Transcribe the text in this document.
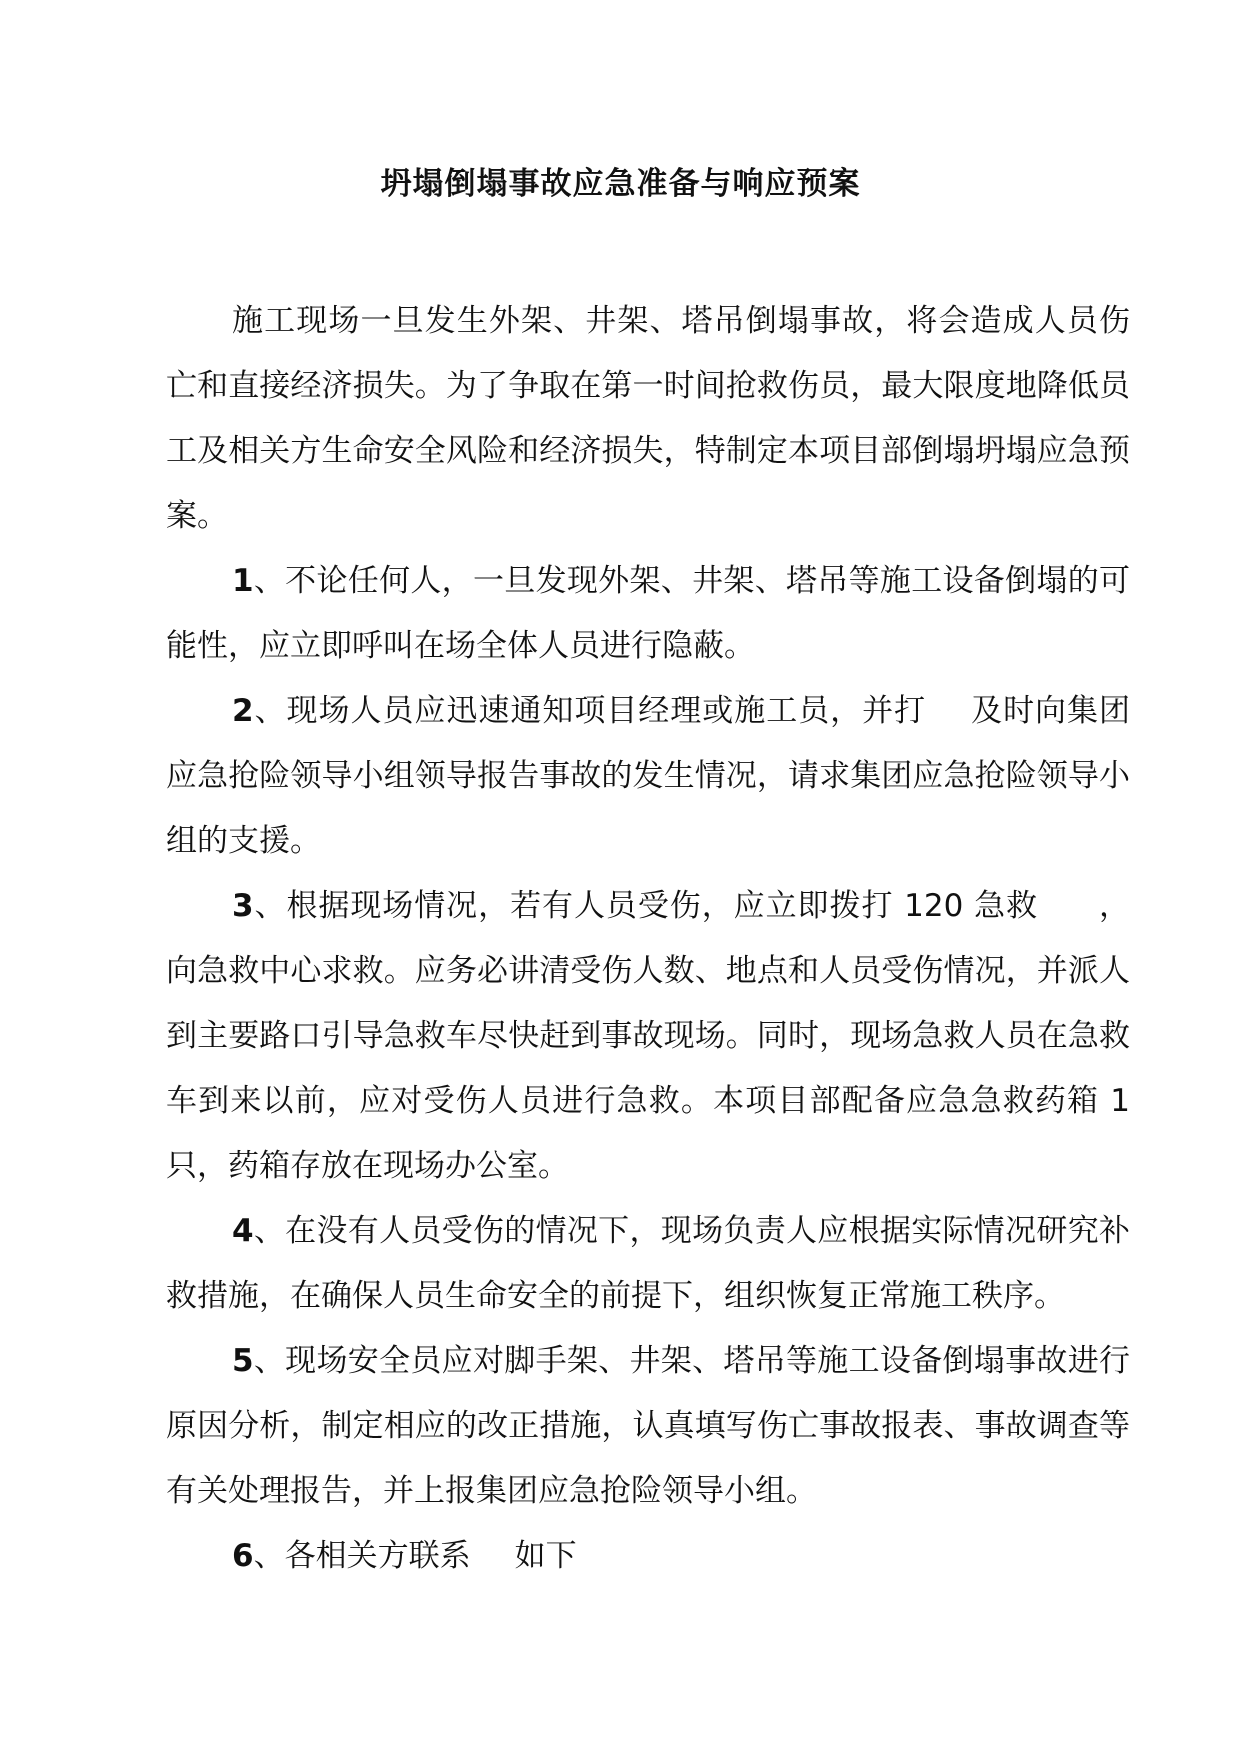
坍塌倒塌事故应急准备与响应预案

施工现场一旦发生外架、井架、塔吊倒塌事故，将会造成人员伤亡和直接经济损失。为了争取在第一时间抢救伤员，最大限度地降低员工及相关方生命安全风险和经济损失，特制定本项目部倒塌坍塌应急预案。

1、不论任何人，一旦发现外架、井架、塔吊等施工设备倒塌的可能性，应立即呼叫在场全体人员进行隐蔽。

2、现场人员应迅速通知项目经理或施工员，并打 及时向集团应急抢险领导小组领导报告事故的发生情况，请求集团应急抢险领导小组的支援。

3、根据现场情况，若有人员受伤，应立即拨打 120 急救 ，向急救中心求救。应务必讲清受伤人数、地点和人员受伤情况，并派人到主要路口引导急救车尽快赶到事故现场。同时，现场急救人员在急救车到来以前，应对受伤人员进行急救。本项目部配备应急急救药箱 1 只，药箱存放在现场办公室。

4、在没有人员受伤的情况下，现场负责人应根据实际情况研究补救措施，在确保人员生命安全的前提下，组织恢复正常施工秩序。

5、现场安全员应对脚手架、井架、塔吊等施工设备倒塌事故进行原因分析，制定相应的改正措施，认真填写伤亡事故报表、事故调查等有关处理报告，并上报集团应急抢险领导小组。

6、各相关方联系 如下
